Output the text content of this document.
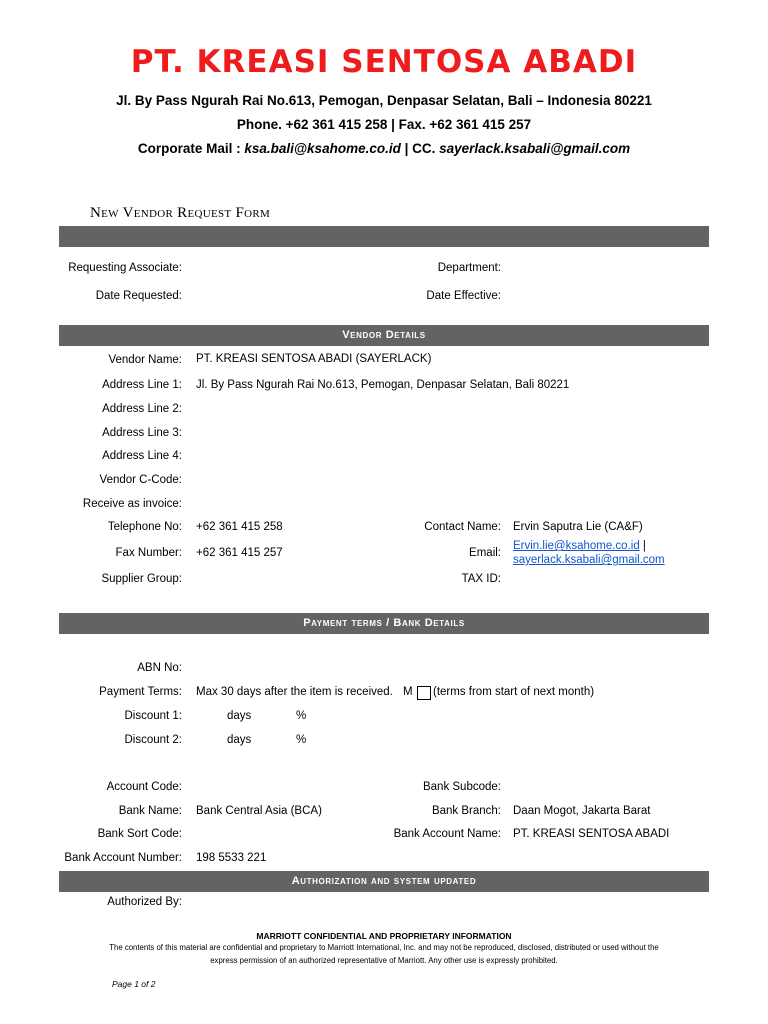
PT. KREASI SENTOSA ABADI
Jl. By Pass Ngurah Rai No.613, Pemogan, Denpasar Selatan, Bali – Indonesia 80221
Phone. +62 361 415 258 | Fax. +62 361 415 257
Corporate Mail : ksa.bali@ksahome.co.id | CC. sayerlack.ksabali@gmail.com
New Vendor Request Form
Requesting Associate:	Department:
Date Requested:	Date Effective:
Vendor Details
Vendor Name: PT. KREASI SENTOSA ABADI (SAYERLACK)
Address Line 1: Jl. By Pass Ngurah Rai No.613, Pemogan, Denpasar Selatan, Bali 80221
Address Line 2:
Address Line 3:
Address Line 4:
Vendor C-Code:
Receive as invoice:
Telephone No: +62 361 415 258	Contact Name: Ervin Saputra Lie (CA&F)
Fax Number: +62 361 415 257	Email:
Ervin.lie@ksahome.co.id |
sayerlack.ksabali@gmail.com
Supplier Group:	TAX ID:
Payment terms / Bank Details
ABN No:
Payment Terms: Max 30 days after the item is received. M (terms from start of next month)
Discount 1:	days	%
Discount 2:	days	%
Account Code:	Bank Subcode:
Bank Name: Bank Central Asia (BCA)	Bank Branch: Daan Mogot, Jakarta Barat
Bank Sort Code:	Bank Account Name: PT. KREASI SENTOSA ABADI
Bank Account Number: 198 5533 221
Authorization and system updated
Authorized By:
MARRIOTT CONFIDENTIAL AND PROPRIETARY INFORMATION
The contents of this material are confidential and proprietary to Marriott International, Inc. and may not be reproduced, disclosed, distributed or used without the
express permission of an authorized representative of Marriott. Any other use is expressly prohibited.
Page 1 of 2
